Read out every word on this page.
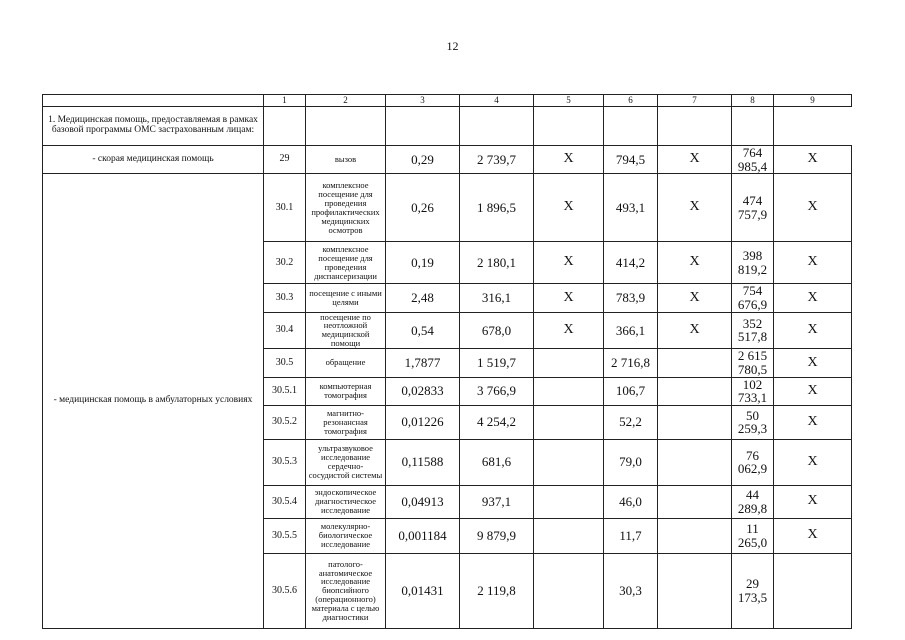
12
	1	2	3	4	5	6	7	8	9
1. Медицинская помощь, предоставляемая в рамках базовой программы ОМС застрахованным лицам:									
- скорая медицинская помощь	29	вызов	0,29	2 739,7	X	794,5	X	764 985,4	X
- медицинская помощь в амбулаторных условиях	30.1	комплексное посещение для проведения профилактических медицинских осмотров	0,26	1 896,5	X	493,1	X	474 757,9	X
	30.2	комплексное посещение для проведения диспансеризации	0,19	2 180,1	X	414,2	X	398 819,2	X
	30.3	посещение с иными целями	2,48	316,1	X	783,9	X	754 676,9	X
	30.4	посещение по неотложной медицинской помощи	0,54	678,0	X	366,1	X	352 517,8	X
	30.5	обращение	1,7877	1 519,7		2 716,8		2 615 780,5	X
	30.5.1	компьютерная томография	0,02833	3 766,9		106,7		102 733,1	X
	30.5.2	магнитно-резонансная томография	0,01226	4 254,2		52,2		50 259,3	X
	30.5.3	ультразвуковое исследование сердечно-сосудистой системы	0,11588	681,6		79,0		76 062,9	X
	30.5.4	эндоскопическое диагностическое исследование	0,04913	937,1		46,0		44 289,8	X
	30.5.5	молекулярно-биологическое исследование	0,001184	9 879,9		11,7		11 265,0	X
	30.5.6	патолого-анатомическое исследование биопсийного (операционного) материала с целью диагностики	0,01431	2 119,8		30,3		29 173,5	
